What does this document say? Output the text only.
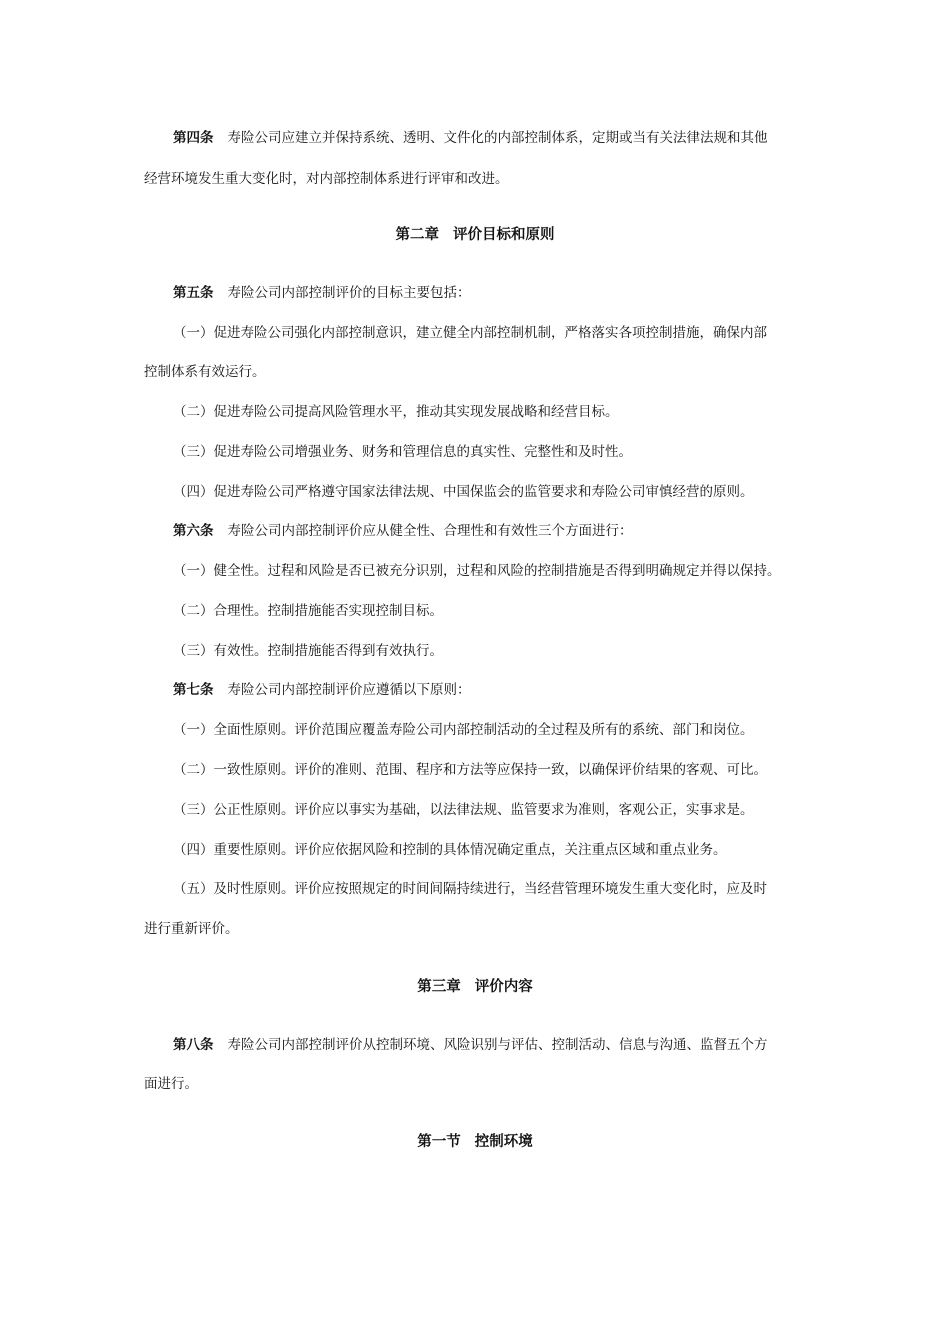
第四条 寿险公司应建立并保持系统、透明、文件化的内部控制体系，定期或当有关法律法规和其他
经营环境发生重大变化时，对内部控制体系进行评审和改进。
第二章 评价目标和原则
第五条 寿险公司内部控制评价的目标主要包括：
（一）促进寿险公司强化内部控制意识，建立健全内部控制机制，严格落实各项控制措施，确保内部
控制体系有效运行。
（二）促进寿险公司提高风险管理水平，推动其实现发展战略和经营目标。
（三）促进寿险公司增强业务、财务和管理信息的真实性、完整性和及时性。
（四）促进寿险公司严格遵守国家法律法规、中国保监会的监管要求和寿险公司审慎经营的原则。
第六条 寿险公司内部控制评价应从健全性、合理性和有效性三个方面进行：
（一）健全性。过程和风险是否已被充分识别，过程和风险的控制措施是否得到明确规定并得以保持。
（二）合理性。控制措施能否实现控制目标。
（三）有效性。控制措施能否得到有效执行。
第七条 寿险公司内部控制评价应遵循以下原则：
（一）全面性原则。评价范围应覆盖寿险公司内部控制活动的全过程及所有的系统、部门和岗位。
（二）一致性原则。评价的准则、范围、程序和方法等应保持一致，以确保评价结果的客观、可比。
（三）公正性原则。评价应以事实为基础，以法律法规、监管要求为准则，客观公正，实事求是。
（四）重要性原则。评价应依据风险和控制的具体情况确定重点，关注重点区域和重点业务。
（五）及时性原则。评价应按照规定的时间间隔持续进行，当经营管理环境发生重大变化时，应及时
进行重新评价。
第三章 评价内容
第八条 寿险公司内部控制评价从控制环境、风险识别与评估、控制活动、信息与沟通、监督五个方
面进行。
第一节 控制环境
